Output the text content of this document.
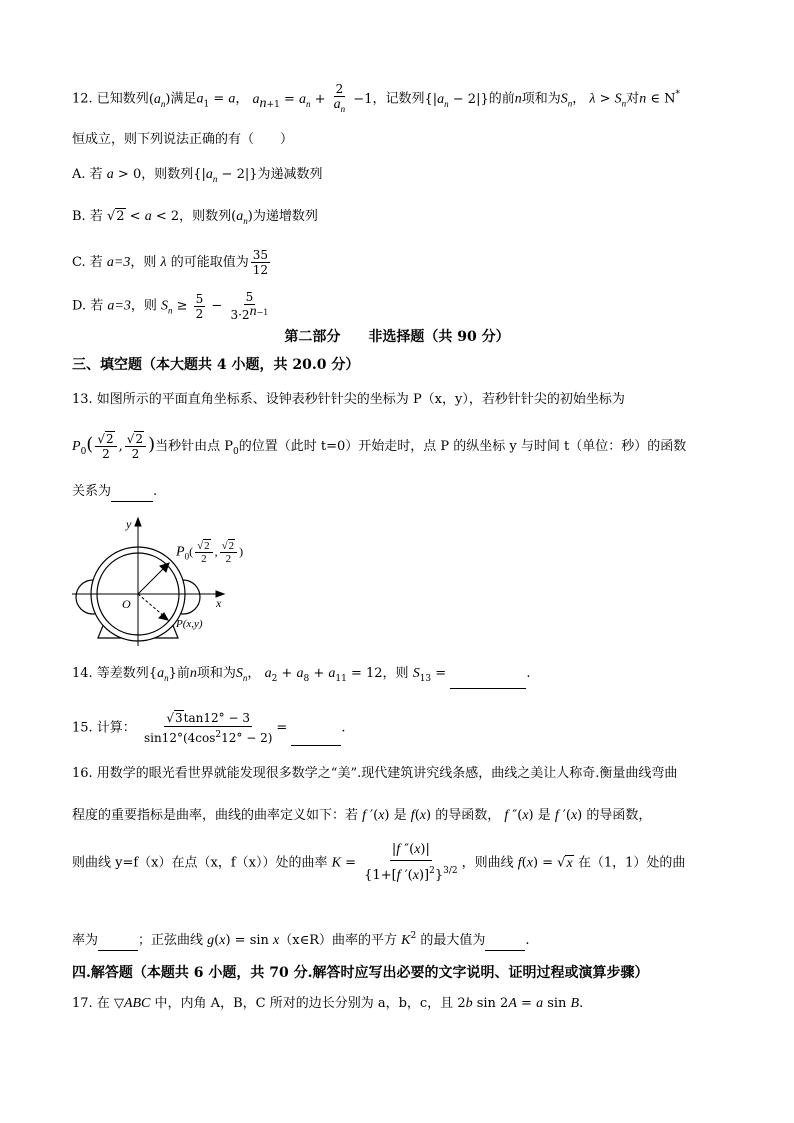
12. 已知数列$(a_n)$满足$a_1 = a$， $a_{n+1} = a_n + \frac{2}{a_n} -1$，记数列$\{|a_n - 2|\}$的前n项和为$S_n$， $\lambda > S_n$对n ∈ N*
恒成立，则下列说法正确的有（　　）
A. 若 a > 0，则数列$\{|a_n - 2|\}$为递减数列
B. 若 √2 < a < 2，则数列$(a_n)$为递增数列
C. 若 a=3，则 λ 的可能取值为 $\frac{35}{12}$
D. 若 a=3，则 $S_n \ge \frac{5}{2} - \frac{5}{3\cdot 2^{n-1}}$
第二部分　　非选择题（共 90 分）
三、填空题（本大题共 4 小题，共 20.0 分）
13. 如图所示的平面直角坐标系、设钟表秒针针尖的坐标为 P（x，y），若秒针针尖的初始坐标为
$P_0( \frac{√2}{2}$ , $\frac{√2}{2}$ )当秒针由点 $P_0$的位置（此时 t=0）开始走时，点 P 的纵坐标 y 与时间 t（单位：秒）的函数
关系为	.
y
x
O
P(x,y)
$P_0( \frac{√2}{2}$ , $\frac{√2}{2}$ )
14. 等差数列$\{a_n\}$前n项和为$S_n$， $a_2 + a_8 + a_{11} = 12$，则 $S_{13}$ =	.
15. 计算： $\frac{√3\tan 12^\circ - 3}{\sin 12^\circ(4\cos^212^\circ - 2)}$ =	.
16. 用数学的眼光看世界就能发现很多数学之“美”.现代建筑讲究线条感，曲线之美让人称奇.衡量曲线弯曲
程度的重要指标是曲率，曲线的曲率定义如下：若 f ′(x) 是 f(x) 的导函数， f ″(x) 是 f ′(x) 的导函数，
则曲线 y=f（x）在点（x，f（x））处的曲率 $K = \frac{|f ''(x)|}{\{1+[f '(x)]^2\}^{3/2}}$ ，则曲线 f(x) = √x 在（1，1）处的曲
率为	；正弦曲线 g(x) = sin x（x∈R）曲率的平方 $K^2$ 的最大值为	.
四.解答题（本题共 6 小题，共 70 分.解答时应写出必要的文字说明、证明过程或演算步骤）
17. 在 ▽ABC 中，内角 A，B，C 所对的边长分别为 a，b，c，且 2b sin 2A = a sin B.
